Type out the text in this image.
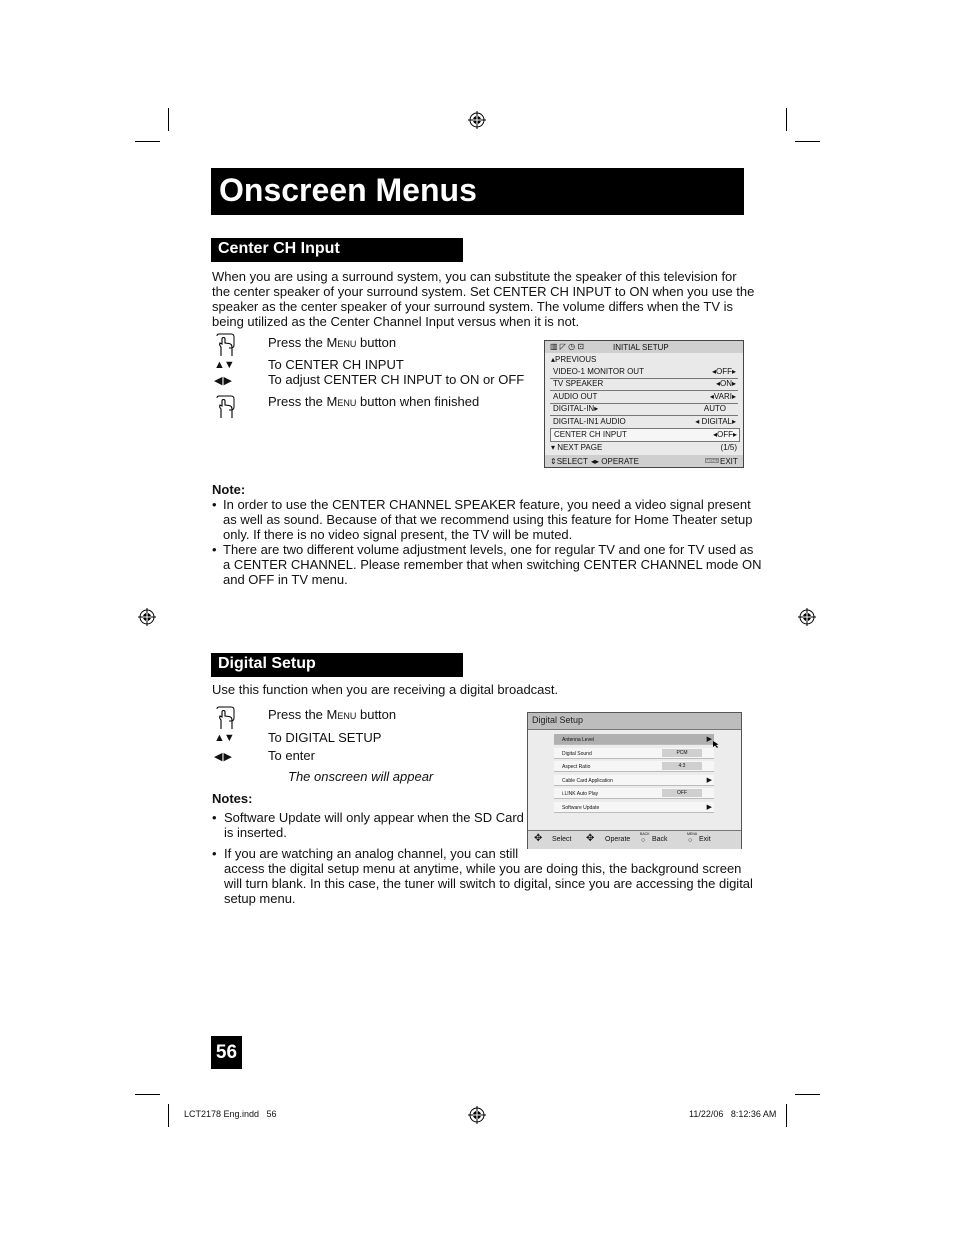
Onscreen Menus
Center CH Input
When you are using a surround system, you can substitute the speaker of this television for
the center speaker of your surround system. Set CENTER CH INPUT to ON when you use the
speaker as the center speaker of your surround system. The volume differs when the TV is
being utilized as the Center Channel Input versus when it is not.
Press the Menu button
▲▼	To CENTER CH INPUT
◀ ▶	To adjust CENTER CH INPUT to ON or OFF
Press the Menu button when finished
▥ ◸ ◷ ⊡	INITIAL SETUP
▴PREVIOUS
VIDEO-1 MONITOR OUT	◂OFF▸
TV SPEAKER	◂ON▸
AUDIO OUT	◂VARI▸
DIGITAL-IN▸	AUTO
DIGITAL-IN1 AUDIO	◂ DIGITAL▸
CENTER CH INPUT	◂OFF▸
▾ NEXT PAGE	(1/5)
⇕SELECT ◂▸ OPERATE	MENU EXIT
Note:
• In order to use the CENTER CHANNEL SPEAKER feature, you need a video signal present
as well as sound. Because of that we recommend using this feature for Home Theater setup
only. If there is no video signal present, the TV will be muted.
• There are two different volume adjustment levels, one for regular TV and one for TV used as
a CENTER CHANNEL. Please remember that when switching CENTER CHANNEL mode ON
and OFF in TV menu.
Digital Setup
Use this function when you are receiving a digital broadcast.
Press the Menu button
▲▼	To DIGITAL SETUP
◀ ▶	To enter
The onscreen will appear
Notes:
• Software Update will only appear when the SD Card
is inserted.
• If you are watching an analog channel, you can still
access the digital setup menu at anytime, while you are doing this, the background screen
will turn blank. In this case, the tuner will switch to digital, since you are accessing the digital
setup menu.
Digital Setup
Antenna Level	▶
Digital Sound	PCM
Aspect Ratio	4:3
Cable Card Application	▶
i.LINK Auto Play	OFF
Software Update	▶
✥ Select ✥ Operate
BACK
○ Back
MENU
○ Exit
56
LCT2178 Eng.indd   56	11/22/06   8:12:36 AM
